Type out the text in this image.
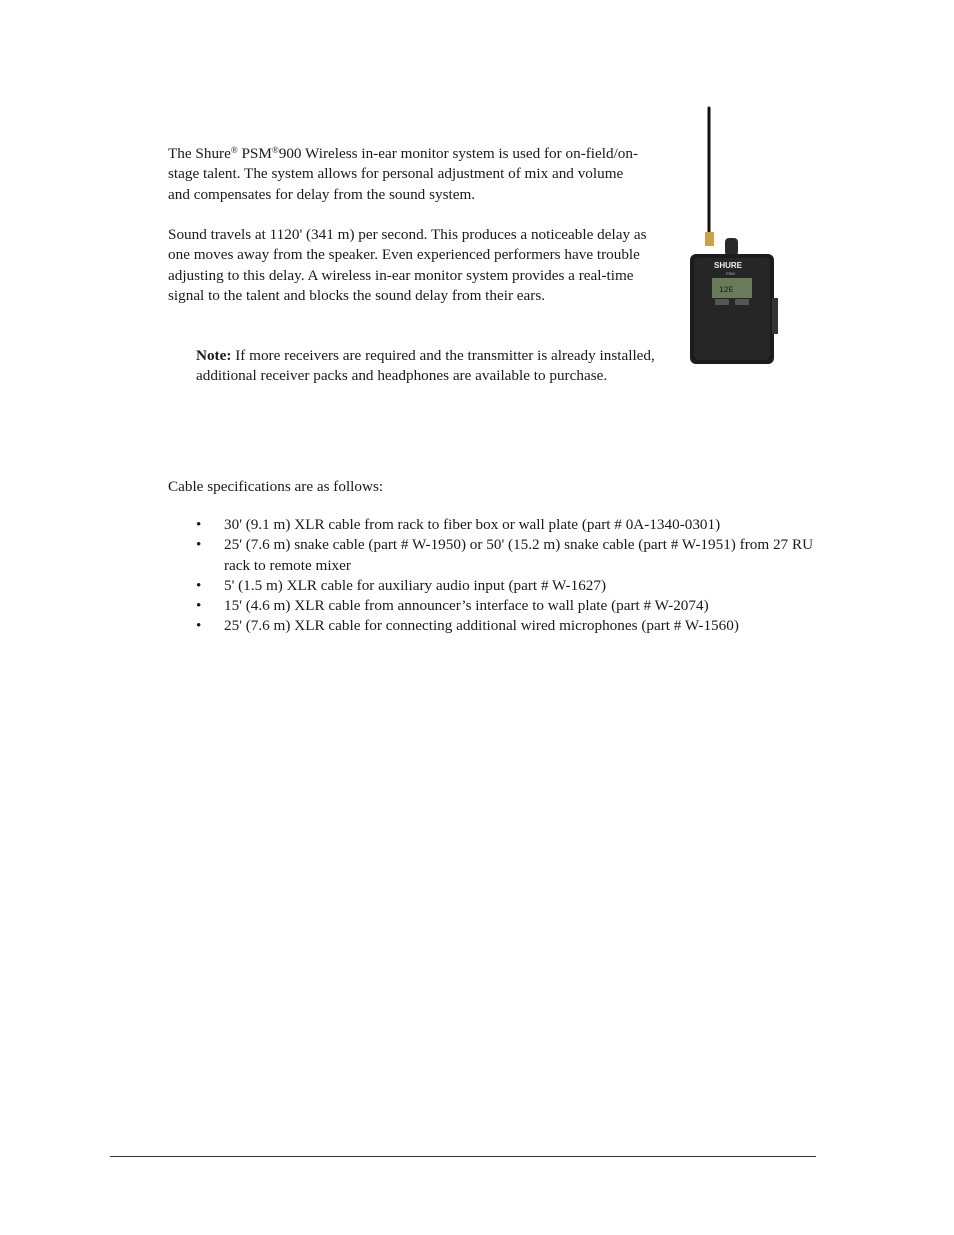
The Shure® PSM®900 Wireless in-ear monitor system is used for on-field/on-stage talent. The system allows for personal adjustment of mix and volume and compensates for delay from the sound system.
Sound travels at 1120' (341 m) per second. This produces a noticeable delay as one moves away from the speaker. Even experienced performers have trouble adjusting to this delay. A wireless in-ear monitor system provides a real-time signal to the talent and blocks the sound delay from their ears.
Note: If more receivers are required and the transmitter is already installed, additional receiver packs and headphones are available to purchase.
Cable specifications are as follows:
• 30' (9.1 m) XLR cable from rack to fiber box or wall plate (part # 0A-1340-0301)
• 25' (7.6 m) snake cable (part # W-1950) or 50' (15.2 m) snake cable (part # W-1951) from 27 RU rack to remote mixer
• 5' (1.5 m) XLR cable for auxiliary audio input (part # W-1627)
• 15' (4.6 m) XLR cable from announcer’s interface to wall plate (part # W-2074)
• 25' (7.6 m) XLR cable for connecting additional wired microphones (part # W-1560)
SHURE
PSM
12E
